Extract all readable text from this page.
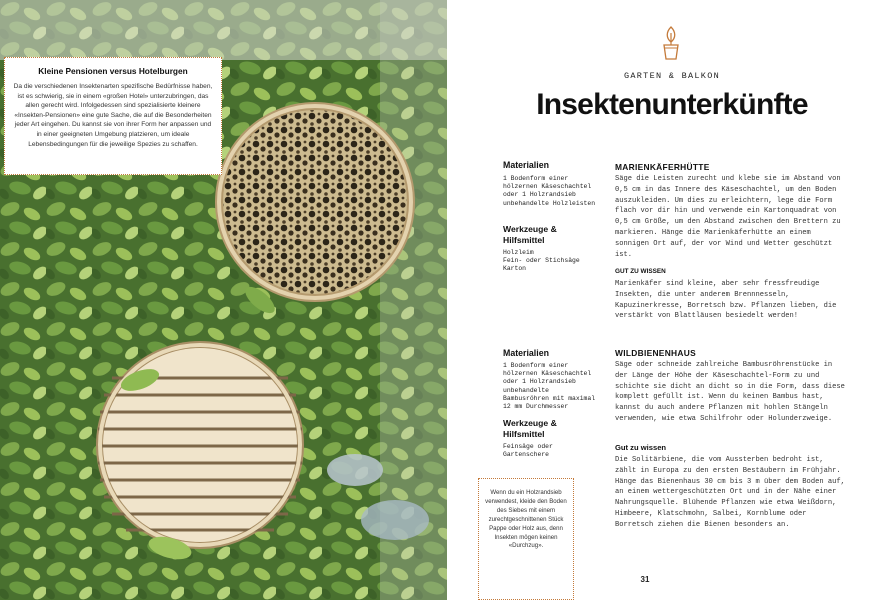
Kleine Pensionen versus Hotelburgen
Da die verschiedenen Insektenarten spezifische Bedürfnisse haben, ist es schwierig, sie in einem «großen Hotel» unterzubringen, das allen gerecht wird. Infolgedessen sind spezialisierte kleinere «Insekten-Pensionen» eine gute Sache, die auf die Besonderheiten jeder Art eingehen. Du kannst sie von ihrer Form her anpassen und in einer geeigneten Umgebung platzieren, um ideale Lebensbedingungen für die jeweilige Spezies zu schaffen.
GARTEN & BALKON
Insektenunterkünfte
Materialien
1 Bodenform einer hölzernen Käseschachtel oder 1 Holzrandsieb
unbehandelte Holzleisten
Werkzeuge & Hilfsmittel
Holzleim
Fein- oder Stichsäge
Karton
MARIENKÄFERHÜTTE
Säge die Leisten zurecht und klebe sie im Abstand von 0,5 cm in das Innere des Käseschachtel, um den Boden auszukleiden. Um dies zu erleichtern, lege die Form flach vor dir hin und verwende ein Kartonquadrat von 0,5 cm Größe, um den Abstand zwischen den Brettern zu markieren. Hänge die Marienkäferhütte an einem sonnigen Ort auf, der vor Wind und Wetter geschützt ist.
GUT ZU WISSEN
Marienkäfer sind kleine, aber sehr fressfreudige Insekten, die unter anderem Brennnesseln, Kapuzinerkresse, Borretsch bzw. Pflanzen lieben, die verstärkt von Blattläusen besiedelt werden!
Materialien
1 Bodenform einer hölzernen Käseschachtel oder 1 Holzrandsieb
unbehandelte Bambusröhren mit maximal 12 mm Durchmesser
Werkzeuge & Hilfsmittel
Feinsäge oder Gartenschere
WILDBIENENHAUS
Säge oder schneide zahlreiche Bambusröhrenstücke in der Länge der Höhe der Käseschachtel-Form zu und schichte sie dicht an dicht so in die Form, dass diese komplett gefüllt ist. Wenn du keinen Bambus hast, kannst du auch andere Pflanzen mit hohlen Stängeln verwenden, wie etwa Schilfrohr oder Holunderzweige.
Gut zu wissen
Die Solitärbiene, die vom Aussterben bedroht ist, zählt in Europa zu den ersten Bestäubern im Frühjahr. Hänge das Bienenhaus 30 cm bis 3 m über dem Boden auf, an einem wettergeschützten Ort und in der Nähe einer Nahrungsquelle. Blühende Pflanzen wie etwa Weißdorn, Himbeere, Klatschmohn, Salbei, Kornblume oder Borretsch ziehen die Bienen besonders an.
Wenn du ein Holzrandsieb verwendest, kleide den Boden des Siebes mit einem zurechtgeschnittenen Stück Pappe oder Holz aus, denn Insekten mögen keinen «Durchzug».
31
